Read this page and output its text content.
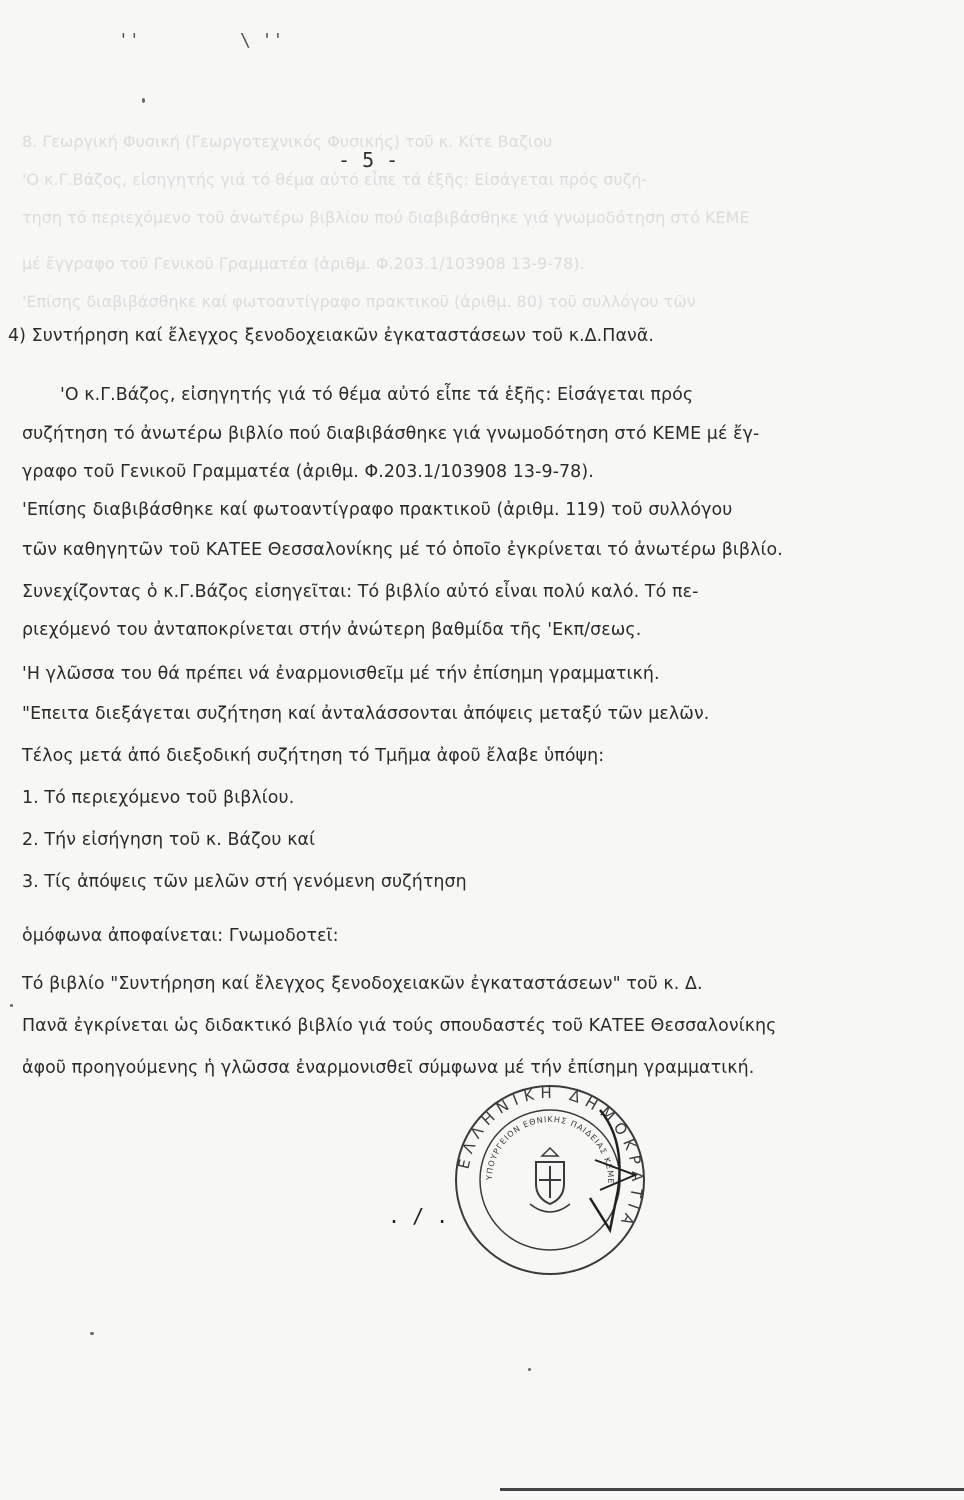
''	\ ''
- 5 -
8. Γεωργική Φυσική (Γεωργοτεχνικός Φυσικής) τοῦ κ. Κίτε Βαζιου
'Ο κ.Γ.Βάζος, εἰσηγητής γιά τό θέμα αὐτό εἶπε τά ἑξῆς: Εἰσάγεται πρός συζή-
τηση τό περιεχόμενο τοῦ ἀνωτέρω βιβλίου πού διαβιβάσθηκε γιά γνωμοδότηση στό ΚΕΜΕ
μέ ἔγγραφο τοῦ Γενικοῦ Γραμματέα (ἀριθμ. Φ.203.1/103908 13-9-78).
'Επίσης διαβιβάσθηκε καί φωτοαντίγραφο πρακτικοῦ (ἀριθμ. 80) τοῦ συλλόγου τῶν
4) Συντήρηση καί ἔλεγχος ξενοδοχειακῶν ἐγκαταστάσεων τοῦ κ.Δ.Πανᾶ.
'Ο κ.Γ.Βάζος, εἰσηγητής γιά τό θέμα αὐτό εἶπε τά ἑξῆς: Εἰσάγεται πρός
συζήτηση τό ἀνωτέρω βιβλίο πού διαβιβάσθηκε γιά γνωμοδότηση στό ΚΕΜΕ μέ ἔγ-
γραφο τοῦ Γενικοῦ Γραμματέα (ἀριθμ. Φ.203.1/103908 13-9-78).
'Επίσης διαβιβάσθηκε καί φωτοαντίγραφο πρακτικοῦ (ἀριθμ. 119) τοῦ συλλόγου
τῶν καθηγητῶν τοῦ ΚΑΤΕΕ Θεσσαλονίκης μέ τό ὁποῖο ἐγκρίνεται τό ἀνωτέρω βιβλίο.
Συνεχίζοντας ὁ κ.Γ.Βάζος εἰσηγεῖται: Τό βιβλίο αὐτό εἶναι πολύ καλό. Τό πε-
ριεχόμενό του ἀνταποκρίνεται στήν ἀνώτερη βαθμίδα τῆς 'Εκπ/σεως.
'Η γλῶσσα του θά πρέπει νά ἐναρμονισθεῖμ μέ τήν ἐπίσημη γραμματική.
"Επειτα διεξάγεται συζήτηση καί ἀνταλάσσονται ἀπόψεις μεταξύ τῶν μελῶν.
Τέλος μετά ἀπό διεξοδική συζήτηση τό Τμῆμα ἀφοῦ ἔλαβε ὑπόψη:
1. Τό περιεχόμενο τοῦ βιβλίου.
2. Τήν εἰσήγηση τοῦ κ. Βάζου καί
3. Τίς ἀπόψεις τῶν μελῶν στή γενόμενη συζήτηση
ὁμόφωνα ἀποφαίνεται: Γνωμοδοτεῖ:
Τό βιβλίο "Συντήρηση καί ἔλεγχος ξενοδοχειακῶν ἐγκαταστάσεων" τοῦ κ. Δ.
Πανᾶ ἐγκρίνεται ὡς διδακτικό βιβλίο γιά τούς σπουδαστές τοῦ ΚΑΤΕΕ Θεσσαλονίκης
ἀφοῦ προηγούμενης ἡ γλῶσσα ἐναρμονισθεῖ σύμφωνα μέ τήν ἐπίσημη γραμματική.
. / .
ΕΛΛΗΝΙΚΗ ΔΗΜΟΚΡΑΤΙΑ
ΥΠΟΥΡΓΕΙΟΝ ΕΘΝΙΚΗΣ ΠΑΙΔΕΙΑΣ ΚΕΜΕ
